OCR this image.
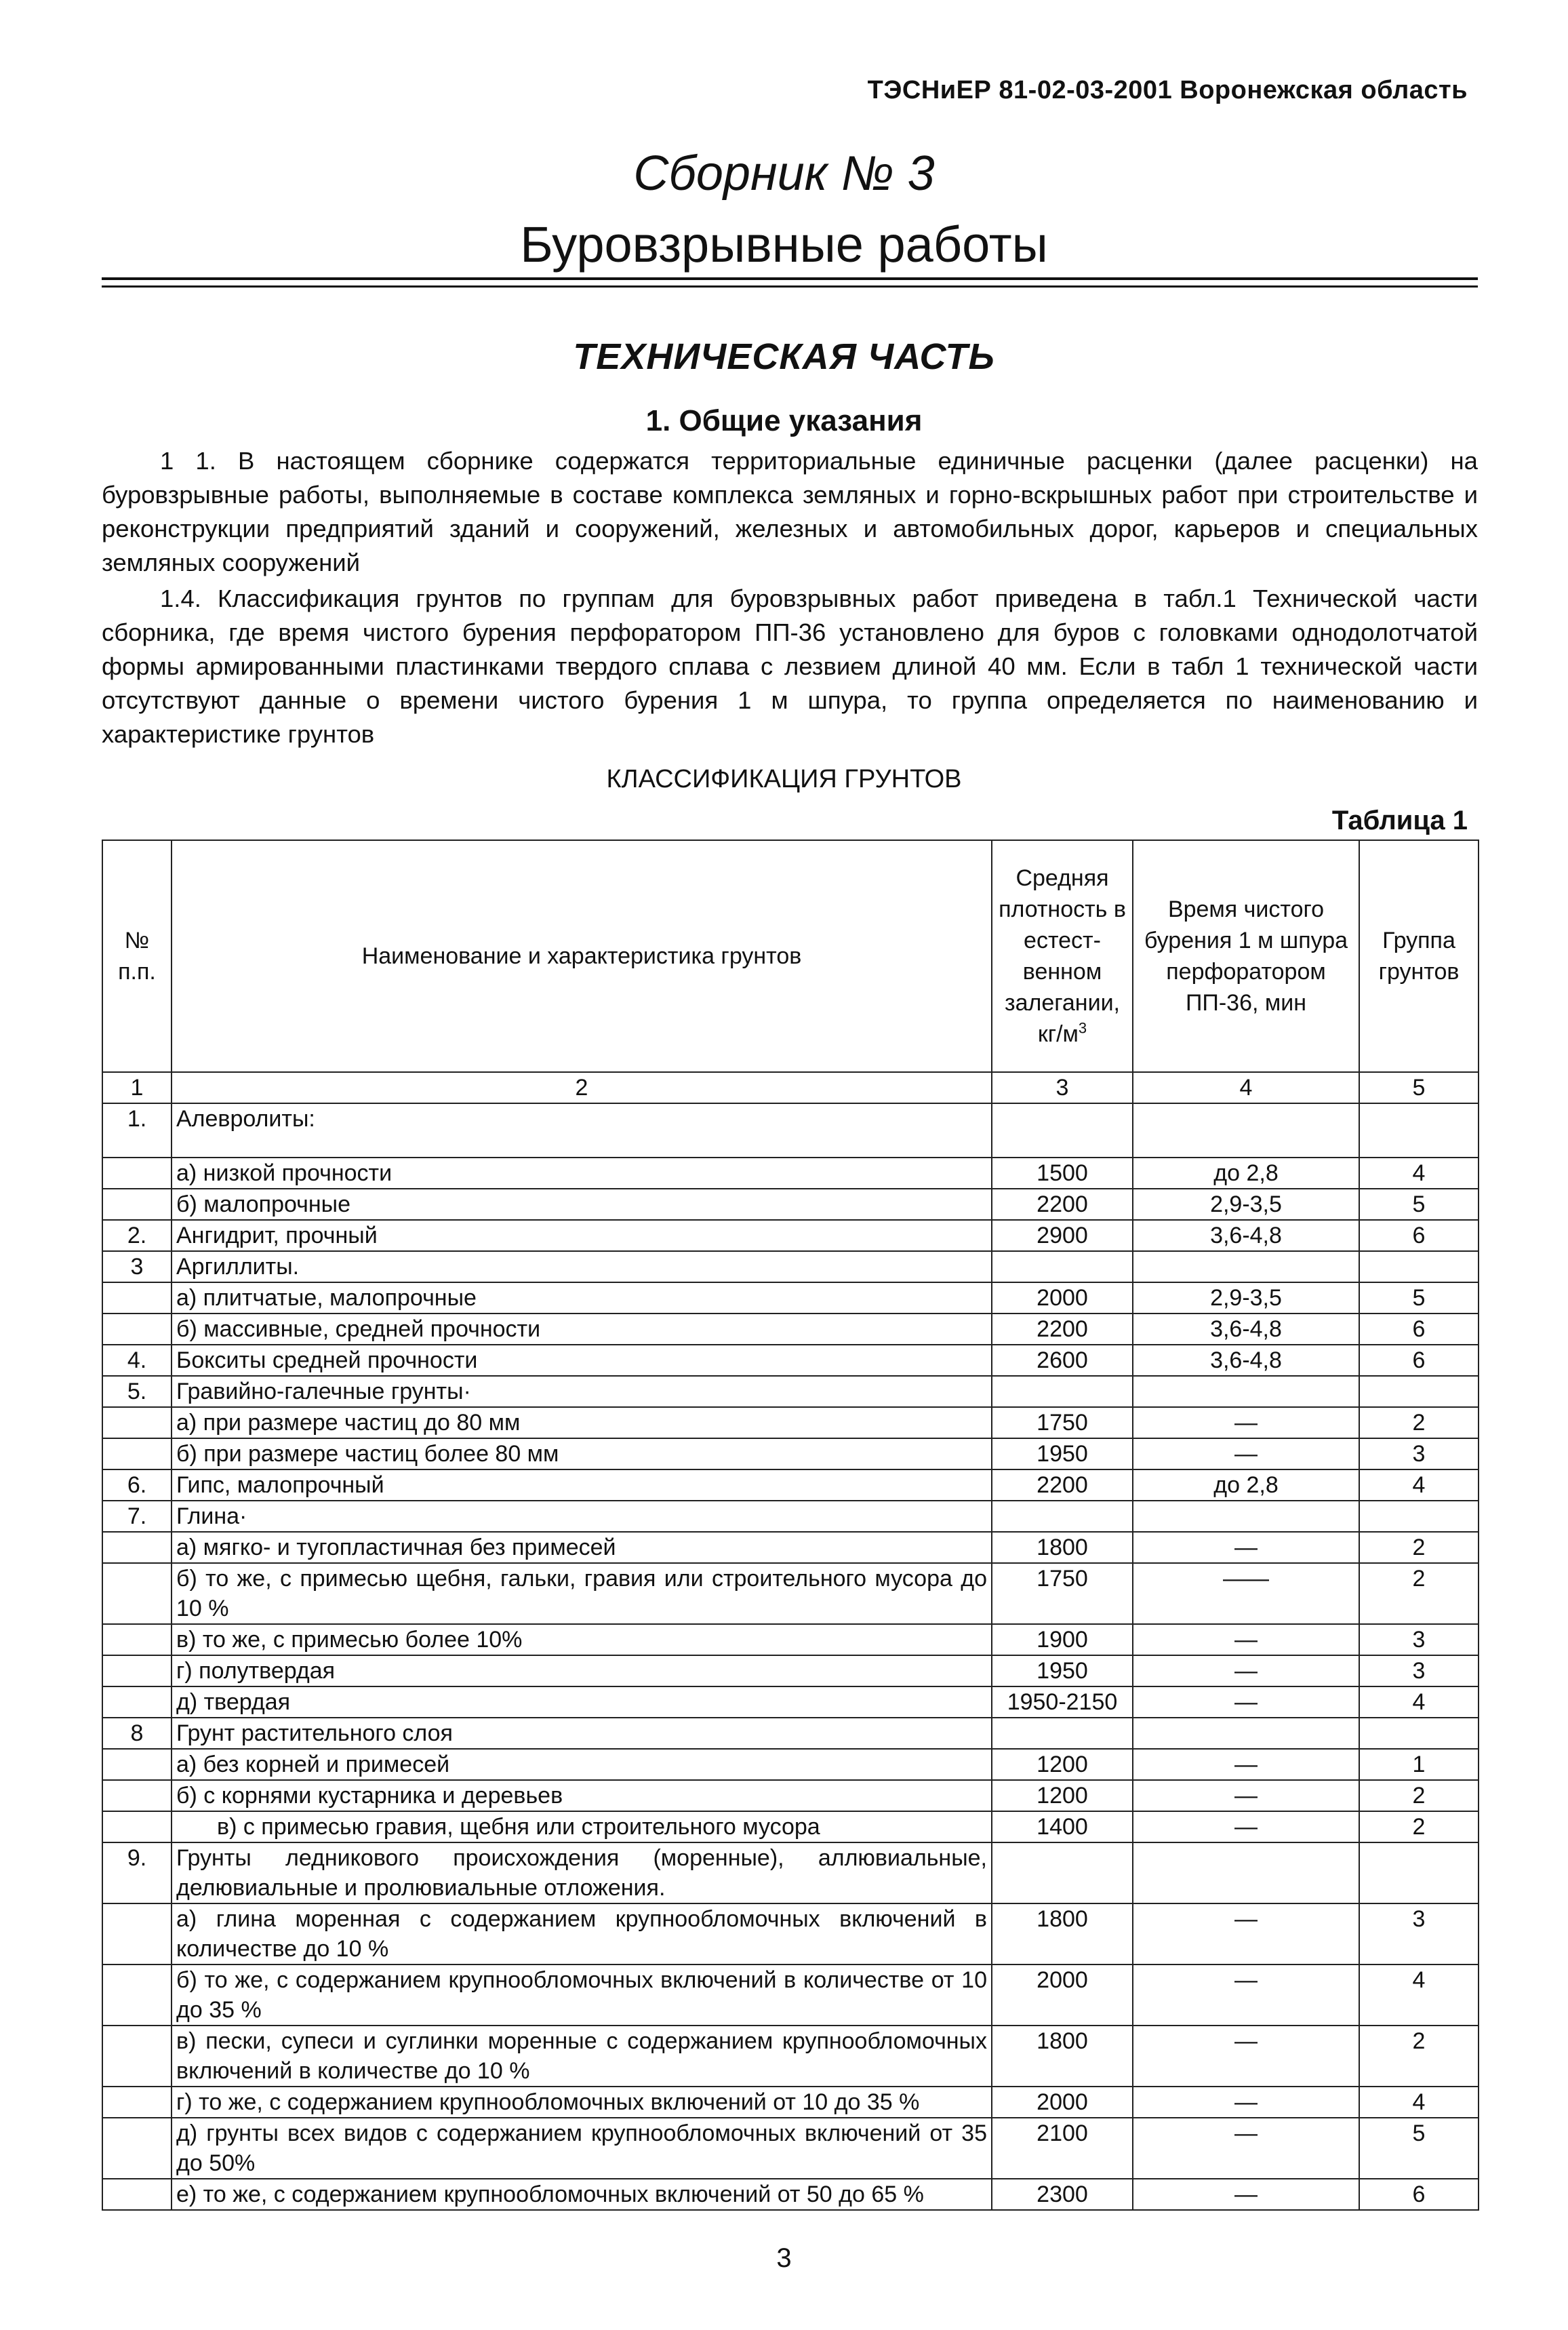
ТЭСНиЕР 81-02-03-2001 Воронежская область
Сборник № 3
Буровзрывные работы
ТЕХНИЧЕСКАЯ ЧАСТЬ
1. Общие указания
1 1. В настоящем сборнике содержатся территориальные единичные расценки (далее расценки) на буровзрывные работы, выполняемые в составе комплекса земляных и горно-вскрышных работ при строительстве и реконструкции предприятий зданий и сооружений, железных и автомобильных дорог, карьеров и специальных земляных сооружений
1.4. Классификация грунтов по группам для буровзрывных работ приведена в табл.1 Технической части сборника, где время чистого бурения перфоратором ПП-36 установлено для буров с головками однодолотчатой формы армированными пластинками твердого сплава с лезвием длиной 40 мм. Если в табл 1 технической части отсутствуют данные о времени чистого бурения 1 м шпура, то группа определяется по наименованию и характеристике грунтов
КЛАССИФИКАЦИЯ ГРУНТОВ
Таблица 1
№ п.п.	Наименование и характеристика грунтов	Средняя плотность в естест-венном залегании, $кг/м^3$	Время чистого бурения 1 м шпура перфоратором ПП-36, мин	Группа грунтов
1	2	3	4	5
1.	Алевролиты:			
	а) низкой прочности	1500	до 2,8	4
	б) малопрочные	2200	2,9-3,5	5
2.	Ангидрит, прочный	2900	3,6-4,8	6
3	Аргиллиты.			
	а) плитчатые, малопрочные	2000	2,9-3,5	5
	б) массивные, средней прочности	2200	3,6-4,8	6
4.	Бокситы средней прочности	2600	3,6-4,8	6
5.	Гравийно-галечные грунты·			
	а) при размере частиц до 80 мм	1750	—	2
	б) при размере частиц более 80 мм	1950	—	3
6.	Гипс, малопрочный	2200	до 2,8	4
7.	Глина·			
	а) мягко- и тугопластичная без примесей	1800	—	2
	б) то же, с примесью щебня, гальки, гравия или строительного мусора до 10 %	1750	——	2
	в) то же, с примесью более 10%	1900	—	3
	г) полутвердая	1950	—	3
	д) твердая	1950-2150	—	4
8	Грунт растительного слоя			
	а) без корней и примесей	1200	—	1
	б) с корнями кустарника и деревьев	1200	—	2
	в) с примесью гравия, щебня или строительного мусора	1400	—	2
9.	Грунты ледникового происхождения (моренные), аллювиальные, делювиальные и пролювиальные отложения.			
	а) глина моренная с содержанием крупнообломочных включений в количестве до 10 %	1800	—	3
	б) то же, с содержанием крупнообломочных включений в количестве от 10 до 35 %	2000	—	4
	в) пески, супеси и суглинки моренные с содержанием крупнообломочных включений в количестве до 10 %	1800	—	2
	г) то же, с содержанием крупнообломочных включений от 10 до 35 %	2000	—	4
	д) грунты всех видов с содержанием крупнообломочных включений от 35 до 50%	2100	—	5
	е) то же, с содержанием крупнообломочных включений от 50 до 65 %	2300	—	6
3
